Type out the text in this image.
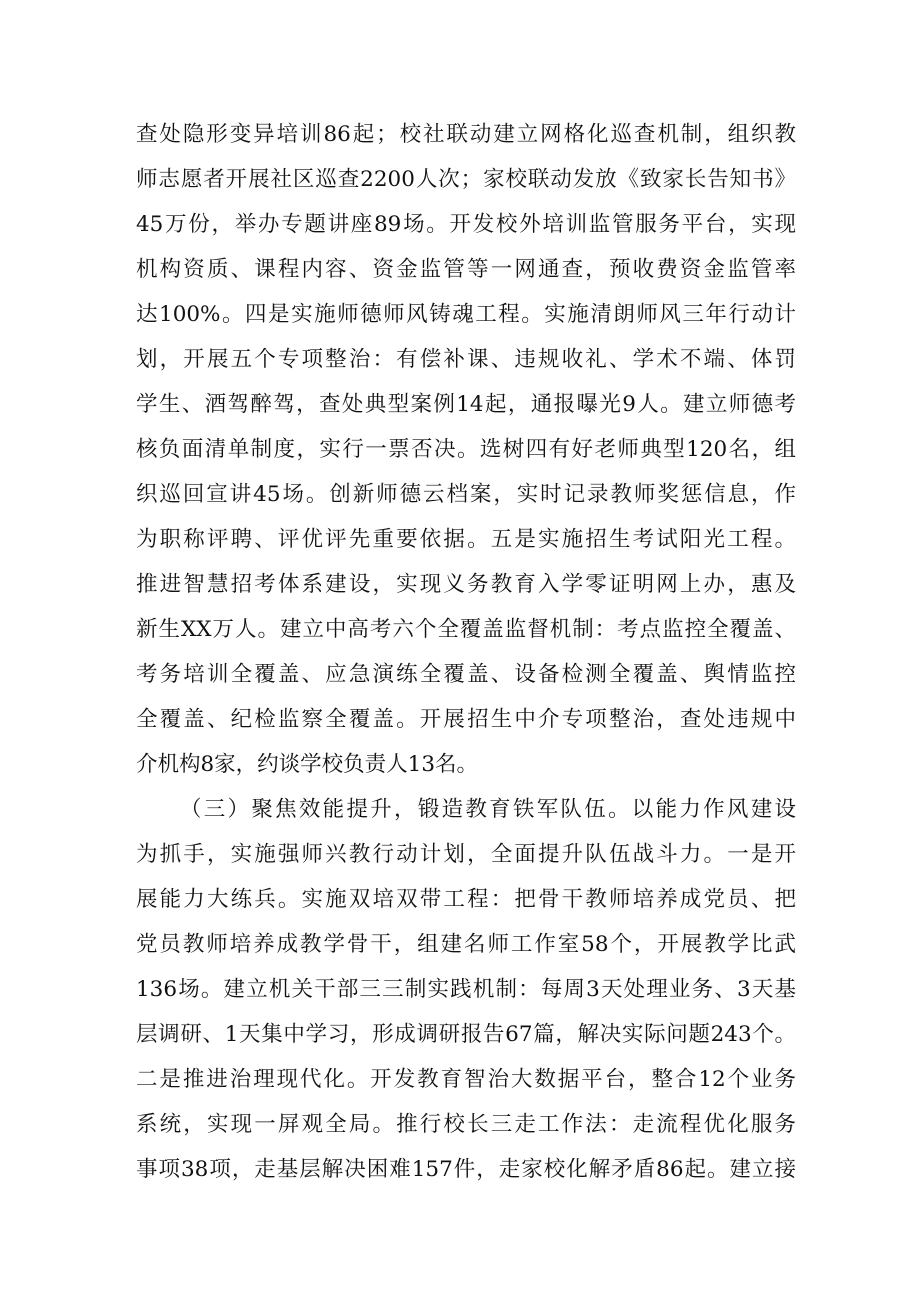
查处隐形变异培训86起；校社联动建立网格化巡查机制，组织教
师志愿者开展社区巡查2200人次；家校联动发放《致家长告知书》
45万份，举办专题讲座89场。开发校外培训监管服务平台，实现
机构资质、课程内容、资金监管等一网通查，预收费资金监管率
达100%。四是实施师德师风铸魂工程。实施清朗师风三年行动计
划，开展五个专项整治：有偿补课、违规收礼、学术不端、体罚
学生、酒驾醉驾，查处典型案例14起，通报曝光9人。建立师德考
核负面清单制度，实行一票否决。选树四有好老师典型120名，组
织巡回宣讲45场。创新师德云档案，实时记录教师奖惩信息，作
为职称评聘、评优评先重要依据。五是实施招生考试阳光工程。
推进智慧招考体系建设，实现义务教育入学零证明网上办，惠及
新生XX万人。建立中高考六个全覆盖监督机制：考点监控全覆盖、
考务培训全覆盖、应急演练全覆盖、设备检测全覆盖、舆情监控
全覆盖、纪检监察全覆盖。开展招生中介专项整治，查处违规中
介机构8家，约谈学校负责人13名。
（三）聚焦效能提升，锻造教育铁军队伍。以能力作风建设
为抓手，实施强师兴教行动计划，全面提升队伍战斗力。一是开
展能力大练兵。实施双培双带工程：把骨干教师培养成党员、把
党员教师培养成教学骨干，组建名师工作室58个，开展教学比武
136场。建立机关干部三三制实践机制：每周3天处理业务、3天基
层调研、1天集中学习，形成调研报告67篇，解决实际问题243个。
二是推进治理现代化。开发教育智治大数据平台，整合12个业务
系统，实现一屏观全局。推行校长三走工作法：走流程优化服务
事项38项，走基层解决困难157件，走家校化解矛盾86起。建立接
